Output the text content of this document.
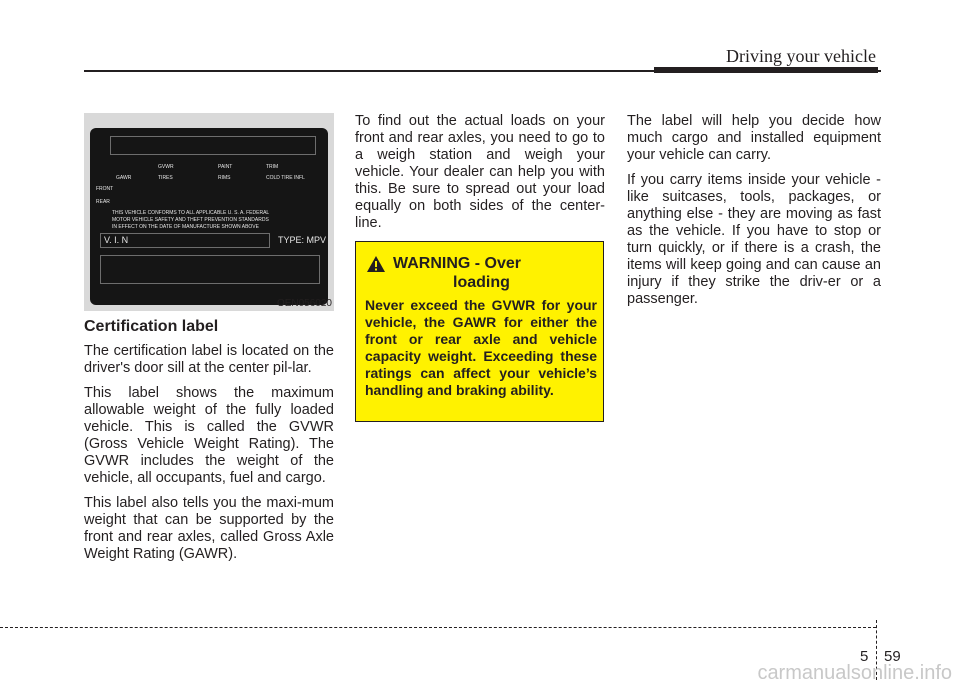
Driving your vehicle
GVWR	PAINT	TRIM
GAWR	TIRES	RIMS	COLD TIRE INFL
FRONT
REAR
THIS VEHICLE CONFORMS TO ALL APPLICABLE U. S. A. FEDERAL
MOTOR VEHICLE SAFETY AND THEFT PREVENTION STANDARDS
IN EFFECT ON THE DATE OF MANUFACTURE SHOWN ABOVE
V. I. N	TYPE: MPV
OEN056020
Certification label

The certification label is located on the driver's door sill at the center pil-lar.

This label shows the maximum allowable weight of the fully loaded vehicle. This is called the GVWR (Gross Vehicle Weight Rating). The GVWR includes the weight of the vehicle, all occupants, fuel and cargo.

This label also tells you the maxi-mum weight that can be supported by the front and rear axles, called Gross Axle Weight Rating (GAWR).

To find out the actual loads on your front and rear axles, you need to go to a weigh station and weigh your vehicle. Your dealer can help you with this. Be sure to spread out your load equally on both sides of the center-line.

WARNING - Over
loading
Never exceed the GVWR for your vehicle, the GAWR for either the front or rear axle and vehicle capacity weight. Exceeding these ratings can affect your vehicle’s handling and braking ability.

The label will help you decide how much cargo and installed equipment your vehicle can carry.

If you carry items inside your vehicle - like suitcases, tools, packages, or anything else - they are moving as fast as the vehicle. If you have to stop or turn quickly, or if there is a crash, the items will keep going and can cause an injury if they strike the driv-er or a passenger.

5 59
carmanualsonline.info
